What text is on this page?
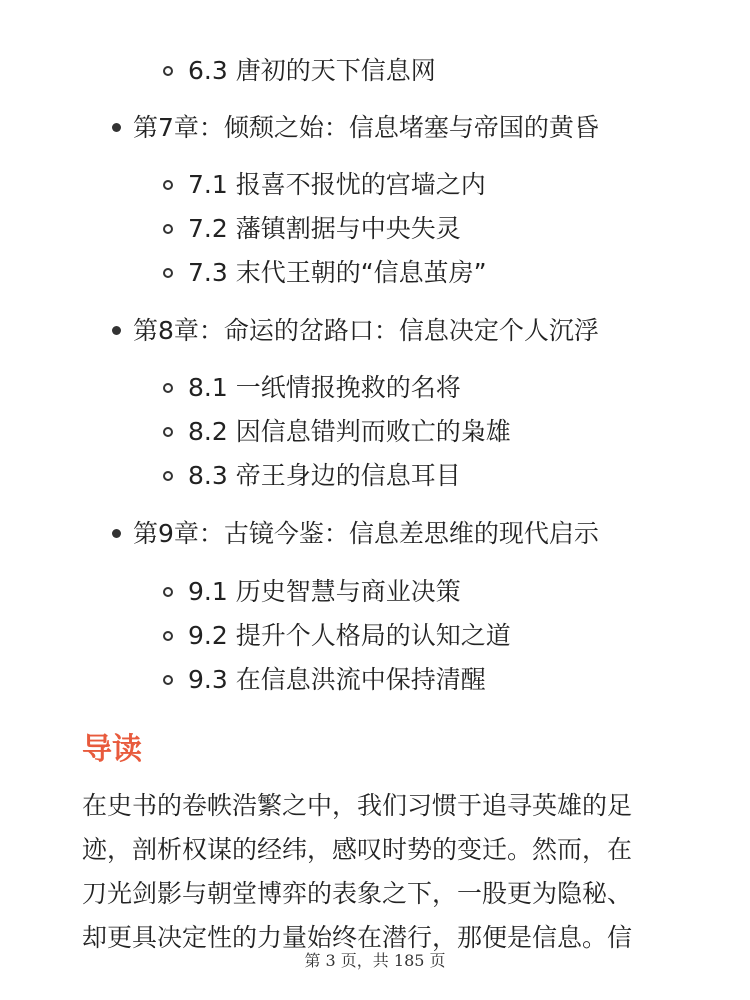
6.3 唐初的天下信息网
第7章：倾颓之始：信息堵塞与帝国的黄昏
7.1 报喜不报忧的宫墙之内
7.2 藩镇割据与中央失灵
7.3 末代王朝的“信息茧房”
第8章：命运的岔路口：信息决定个人沉浮
8.1 一纸情报挽救的名将
8.2 因信息错判而败亡的枭雄
8.3 帝王身边的信息耳目
第9章：古镜今鉴：信息差思维的现代启示
9.1 历史智慧与商业决策
9.2 提升个人格局的认知之道
9.3 在信息洪流中保持清醒
导读
在史书的卷帙浩繁之中，我们习惯于追寻英雄的足
迹，剖析权谋的经纬，感叹时势的变迁。然而，在
刀光剑影与朝堂博弈的表象之下，一股更为隐秘、
却更具决定性的力量始终在潜行，那便是信息。信
第 3 页，共 185 页
